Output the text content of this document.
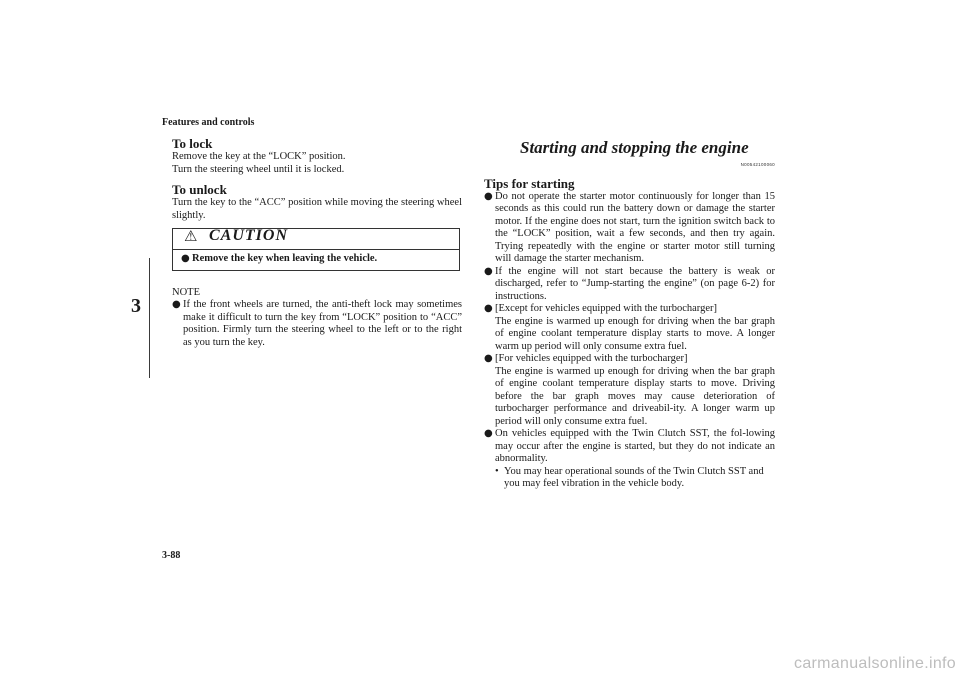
Features and controls
3
3-88
To lock

Remove the key at the “LOCK” position.

Turn the steering wheel until it is locked.

To unlock

Turn the key to the “ACC” position while moving the steering wheel slightly.

⚠ CAUTION
● Remove the key when leaving the vehicle.

NOTE

● If the front wheels are turned, the anti-theft lock may sometimes make it difficult to turn the key from “LOCK” position to “ACC” position. Firmly turn the steering wheel to the left or to the right as you turn the key.
Starting and stopping the engine
N00542100060
Tips for starting
● Do not operate the starter motor continuously for longer than 15 seconds as this could run the battery down or damage the starter motor. If the engine does not start, turn the ignition switch back to the “LOCK” position, wait a few seconds, and then try again. Trying repeatedly with the engine or starter motor still turning will damage the starter mechanism.
● If the engine will not start because the battery is weak or discharged, refer to “Jump-starting the engine” (on page 6-2) for instructions.
● [Except for vehicles equipped with the turbocharger]

The engine is warmed up enough for driving when the bar graph of engine coolant temperature display starts to move. A longer warm up period will only consume extra fuel.

● [For vehicles equipped with the turbocharger]

The engine is warmed up enough for driving when the bar graph of engine coolant temperature display starts to move. Driving before the bar graph moves may cause deterioration of turbocharger performance and driveabil-ity. A longer warm up period will only consume extra fuel.

● On vehicles equipped with the Twin Clutch SST, the fol-lowing may occur after the engine is started, but they do not indicate an abnormality.

• You may hear operational sounds of the Twin Clutch SST and you may feel vibration in the vehicle body.
carmanualsonline.info
